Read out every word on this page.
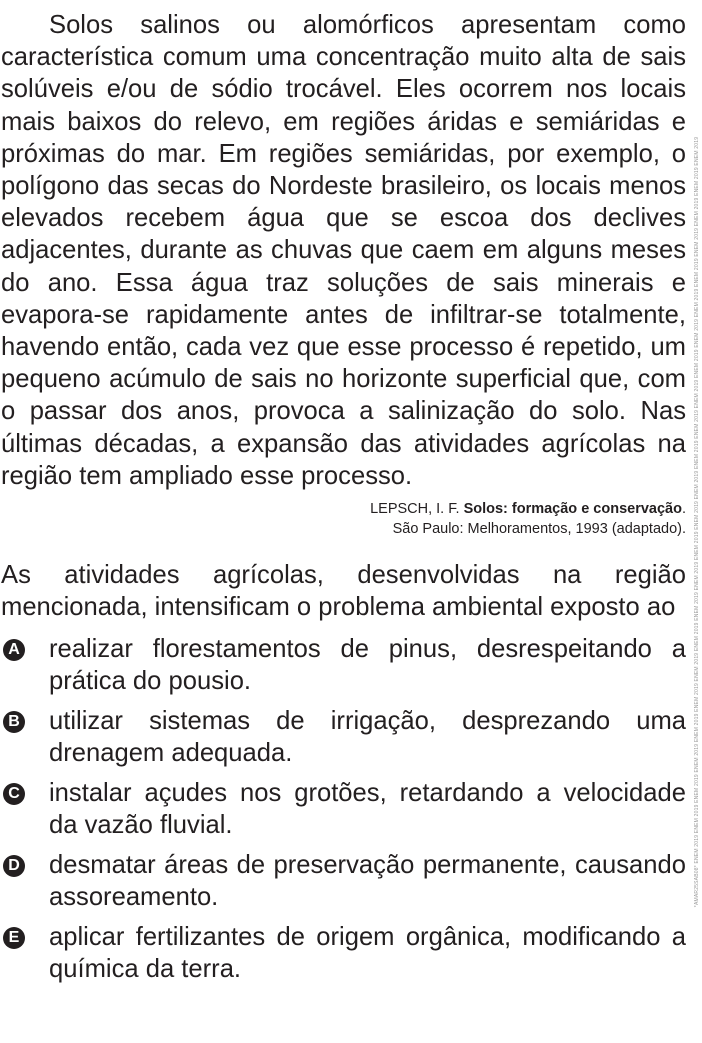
Solos salinos ou alomórficos apresentam como característica comum uma concentração muito alta de sais solúveis e/ou de sódio trocável. Eles ocorrem nos locais mais baixos do relevo, em regiões áridas e semiáridas e próximas do mar. Em regiões semiáridas, por exemplo, o polígono das secas do Nordeste brasileiro, os locais menos elevados recebem água que se escoa dos declives adjacentes, durante as chuvas que caem em alguns meses do ano. Essa água traz soluções de sais minerais e evapora-se rapidamente antes de infiltrar-se totalmente, havendo então, cada vez que esse processo é repetido, um pequeno acúmulo de sais no horizonte superficial que, com o passar dos anos, provoca a salinização do solo. Nas últimas décadas, a expansão das atividades agrícolas na região tem ampliado esse processo.

LEPSCH, I. F. Solos: formação e conservação.
São Paulo: Melhoramentos, 1993 (adaptado).

As atividades agrícolas, desenvolvidas na região mencionada, intensificam o problema ambiental exposto ao

A realizar florestamentos de pinus, desrespeitando a prática do pousio.
B utilizar sistemas de irrigação, desprezando uma drenagem adequada.
C instalar açudes nos grotões, retardando a velocidade da vazão fluvial.
D desmatar áreas de preservação permanente, causando assoreamento.
E aplicar fertilizantes de origem orgânica, modificando a química da terra.
*AMAR25SAB08* ENEM 2019 ENEM 2019 ENEM 2019 ENEM 2019 ENEM 2019 ENEM 2019 ENEM 2019 ENEM 2019 ENEM 2019 ENEM 2019 ENEM 2019 ENEM 2019 ENEM 2019 ENEM 2019 ENEM 2019 ENEM 2019 ENEM 2019 ENEM 2019 ENEM 2019 ENEM 2019 ENEM 2019 ENEM 2019 ENEM 2019 ENEM 2019
